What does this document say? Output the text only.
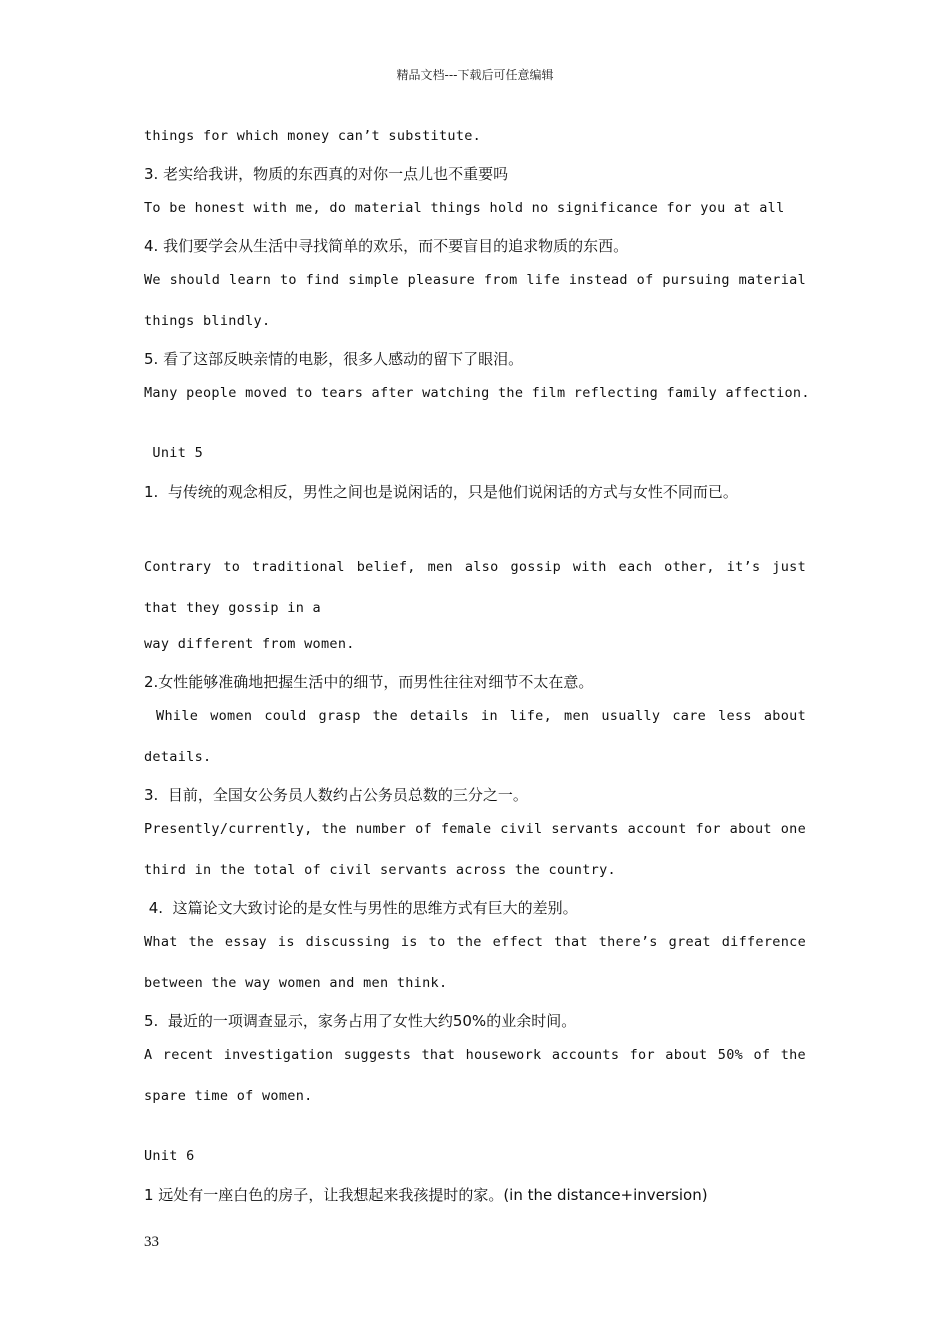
精品文档---下载后可任意编辑
things for which money can’t substitute.
3. 老实给我讲，物质的东西真的对你一点儿也不重要吗
To be honest with me, do material things hold no significance for you at all
4. 我们要学会从生活中寻找简单的欢乐，而不要盲目的追求物质的东西。
We should learn to find simple pleasure from life instead of pursuing material
things blindly.
5. 看了这部反映亲情的电影，很多人感动的留下了眼泪。
Many people moved to tears after watching the film reflecting family affection.
Unit 5
1.  与传统的观念相反，男性之间也是说闲话的，只是他们说闲话的方式与女性不同而已。
Contrary to traditional belief, men also gossip with each other, it’s just
that they gossip in a
way different from women.
2.女性能够准确地把握生活中的细节，而男性往往对细节不太在意。
While women could grasp the details in life, men usually care less about
details.
3.  目前，全国女公务员人数约占公务员总数的三分之一。
Presently/currently, the number of female civil servants account for about one
third in the total of civil servants across the country.
4.  这篇论文大致讨论的是女性与男性的思维方式有巨大的差别。
What the essay is discussing is to the effect that there’s great difference
between the way women and men think.
5.  最近的一项调查显示，家务占用了女性大约50%的业余时间。
A recent investigation suggests that housework accounts for about 50% of the
spare time of women.
Unit 6
1 远处有一座白色的房子，让我想起来我孩提时的家。(in the distance+inversion)
33
